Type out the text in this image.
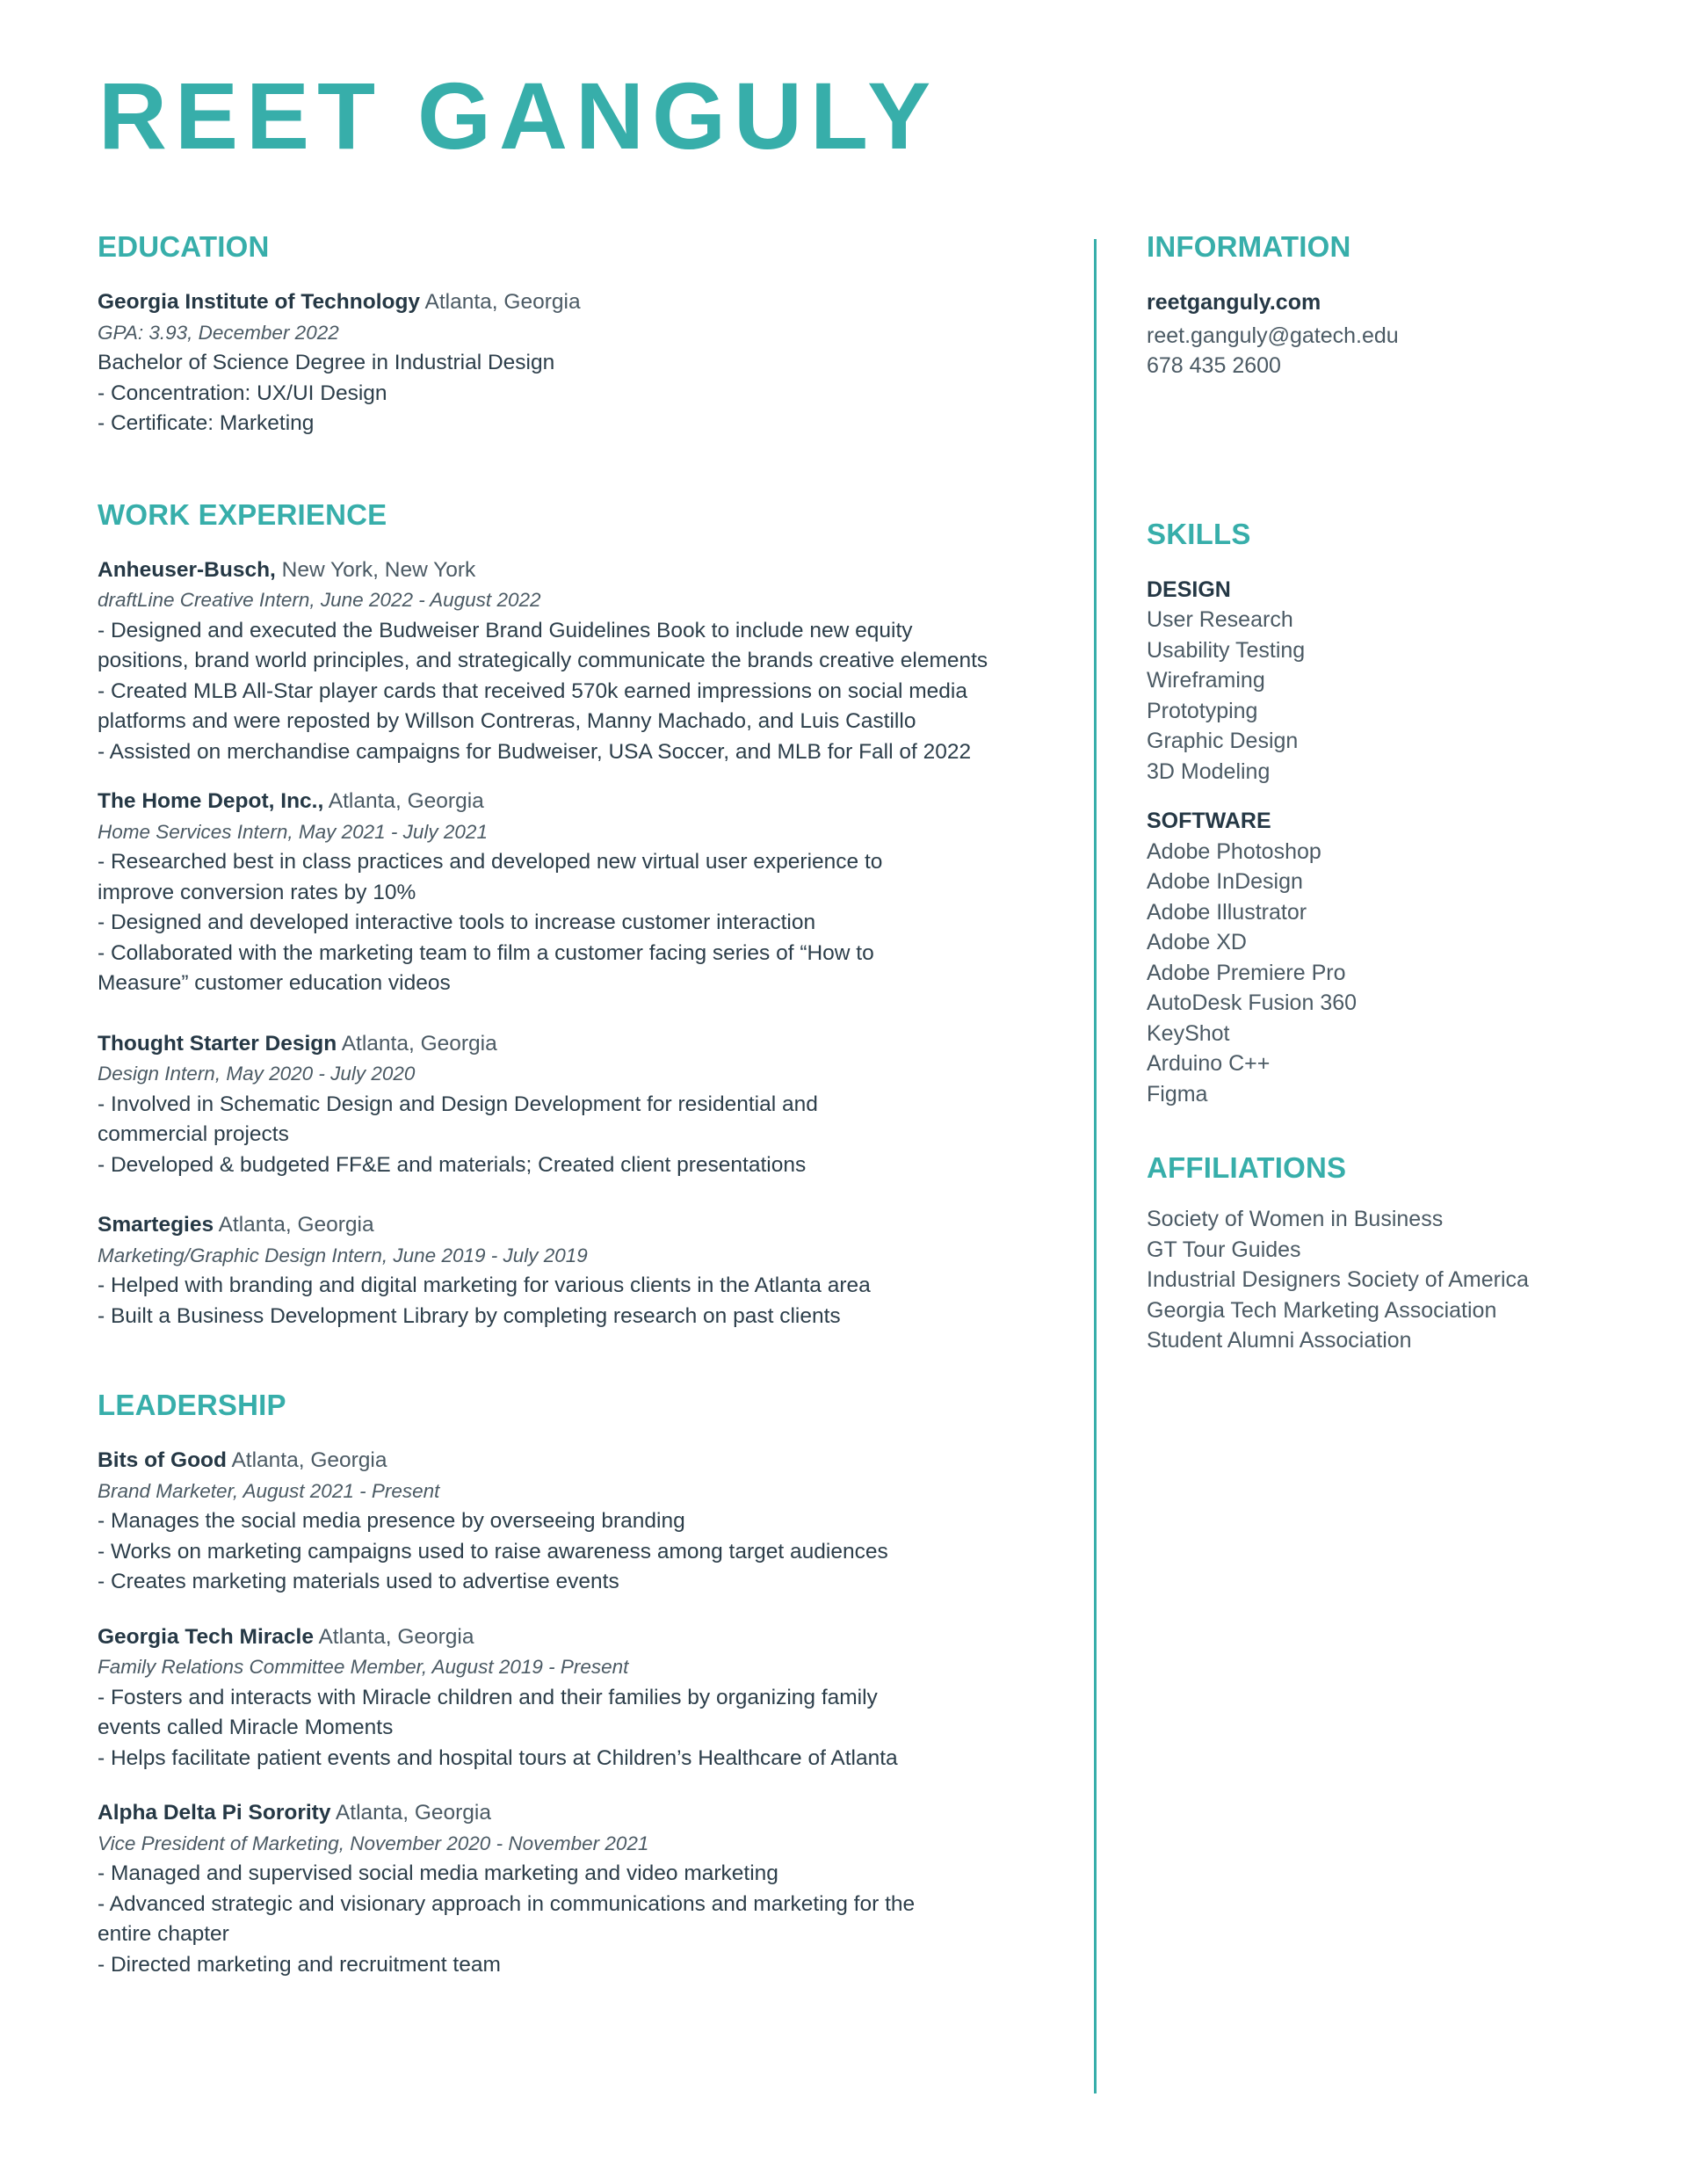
REET GANGULY
EDUCATION
Georgia Institute of Technology Atlanta, Georgia
GPA: 3.93, December 2022
Bachelor of Science Degree in Industrial Design
- Concentration: UX/UI Design
- Certificate: Marketing
WORK EXPERIENCE
Anheuser-Busch, New York, New York
draftLine Creative Intern, June 2022 - August 2022
- Designed and executed the Budweiser Brand Guidelines Book to include new equity
positions, brand world principles, and strategically communicate the brands creative elements
- Created MLB All-Star player cards that received 570k earned impressions on social media
platforms and were reposted by Willson Contreras, Manny Machado, and Luis Castillo
- Assisted on merchandise campaigns for Budweiser, USA Soccer, and MLB for Fall of 2022
The Home Depot, Inc., Atlanta, Georgia
Home Services Intern, May 2021 - July 2021
- Researched best in class practices and developed new virtual user experience to
improve conversion rates by 10%
- Designed and developed interactive tools to increase customer interaction
- Collaborated with the marketing team to film a customer facing series of “How to
Measure” customer education videos
Thought Starter Design Atlanta, Georgia
Design Intern, May 2020 - July 2020
- Involved in Schematic Design and Design Development for residential and
commercial projects
- Developed & budgeted FF&E and materials; Created client presentations
Smartegies Atlanta, Georgia
Marketing/Graphic Design Intern, June 2019 - July 2019
- Helped with branding and digital marketing for various clients in the Atlanta area
- Built a Business Development Library by completing research on past clients
LEADERSHIP
Bits of Good Atlanta, Georgia
Brand Marketer, August 2021 - Present
- Manages the social media presence by overseeing branding
- Works on marketing campaigns used to raise awareness among target audiences
- Creates marketing materials used to advertise events
Georgia Tech Miracle Atlanta, Georgia
Family Relations Committee Member, August 2019 - Present
- Fosters and interacts with Miracle children and their families by organizing family
events called Miracle Moments
- Helps facilitate patient events and hospital tours at Children’s Healthcare of Atlanta
Alpha Delta Pi Sorority Atlanta, Georgia
Vice President of Marketing, November 2020 - November 2021
- Managed and supervised social media marketing and video marketing
- Advanced strategic and visionary approach in communications and marketing for the
entire chapter
- Directed marketing and recruitment team
INFORMATION
reetganguly.com
reet.ganguly@gatech.edu
678 435 2600
SKILLS
DESIGN
User Research
Usability Testing
Wireframing
Prototyping
Graphic Design
3D Modeling
SOFTWARE
Adobe Photoshop
Adobe InDesign
Adobe Illustrator
Adobe XD
Adobe Premiere Pro
AutoDesk Fusion 360
KeyShot
Arduino C++
Figma
AFFILIATIONS
Society of Women in Business
GT Tour Guides
Industrial Designers Society of America
Georgia Tech Marketing Association
Student Alumni Association
